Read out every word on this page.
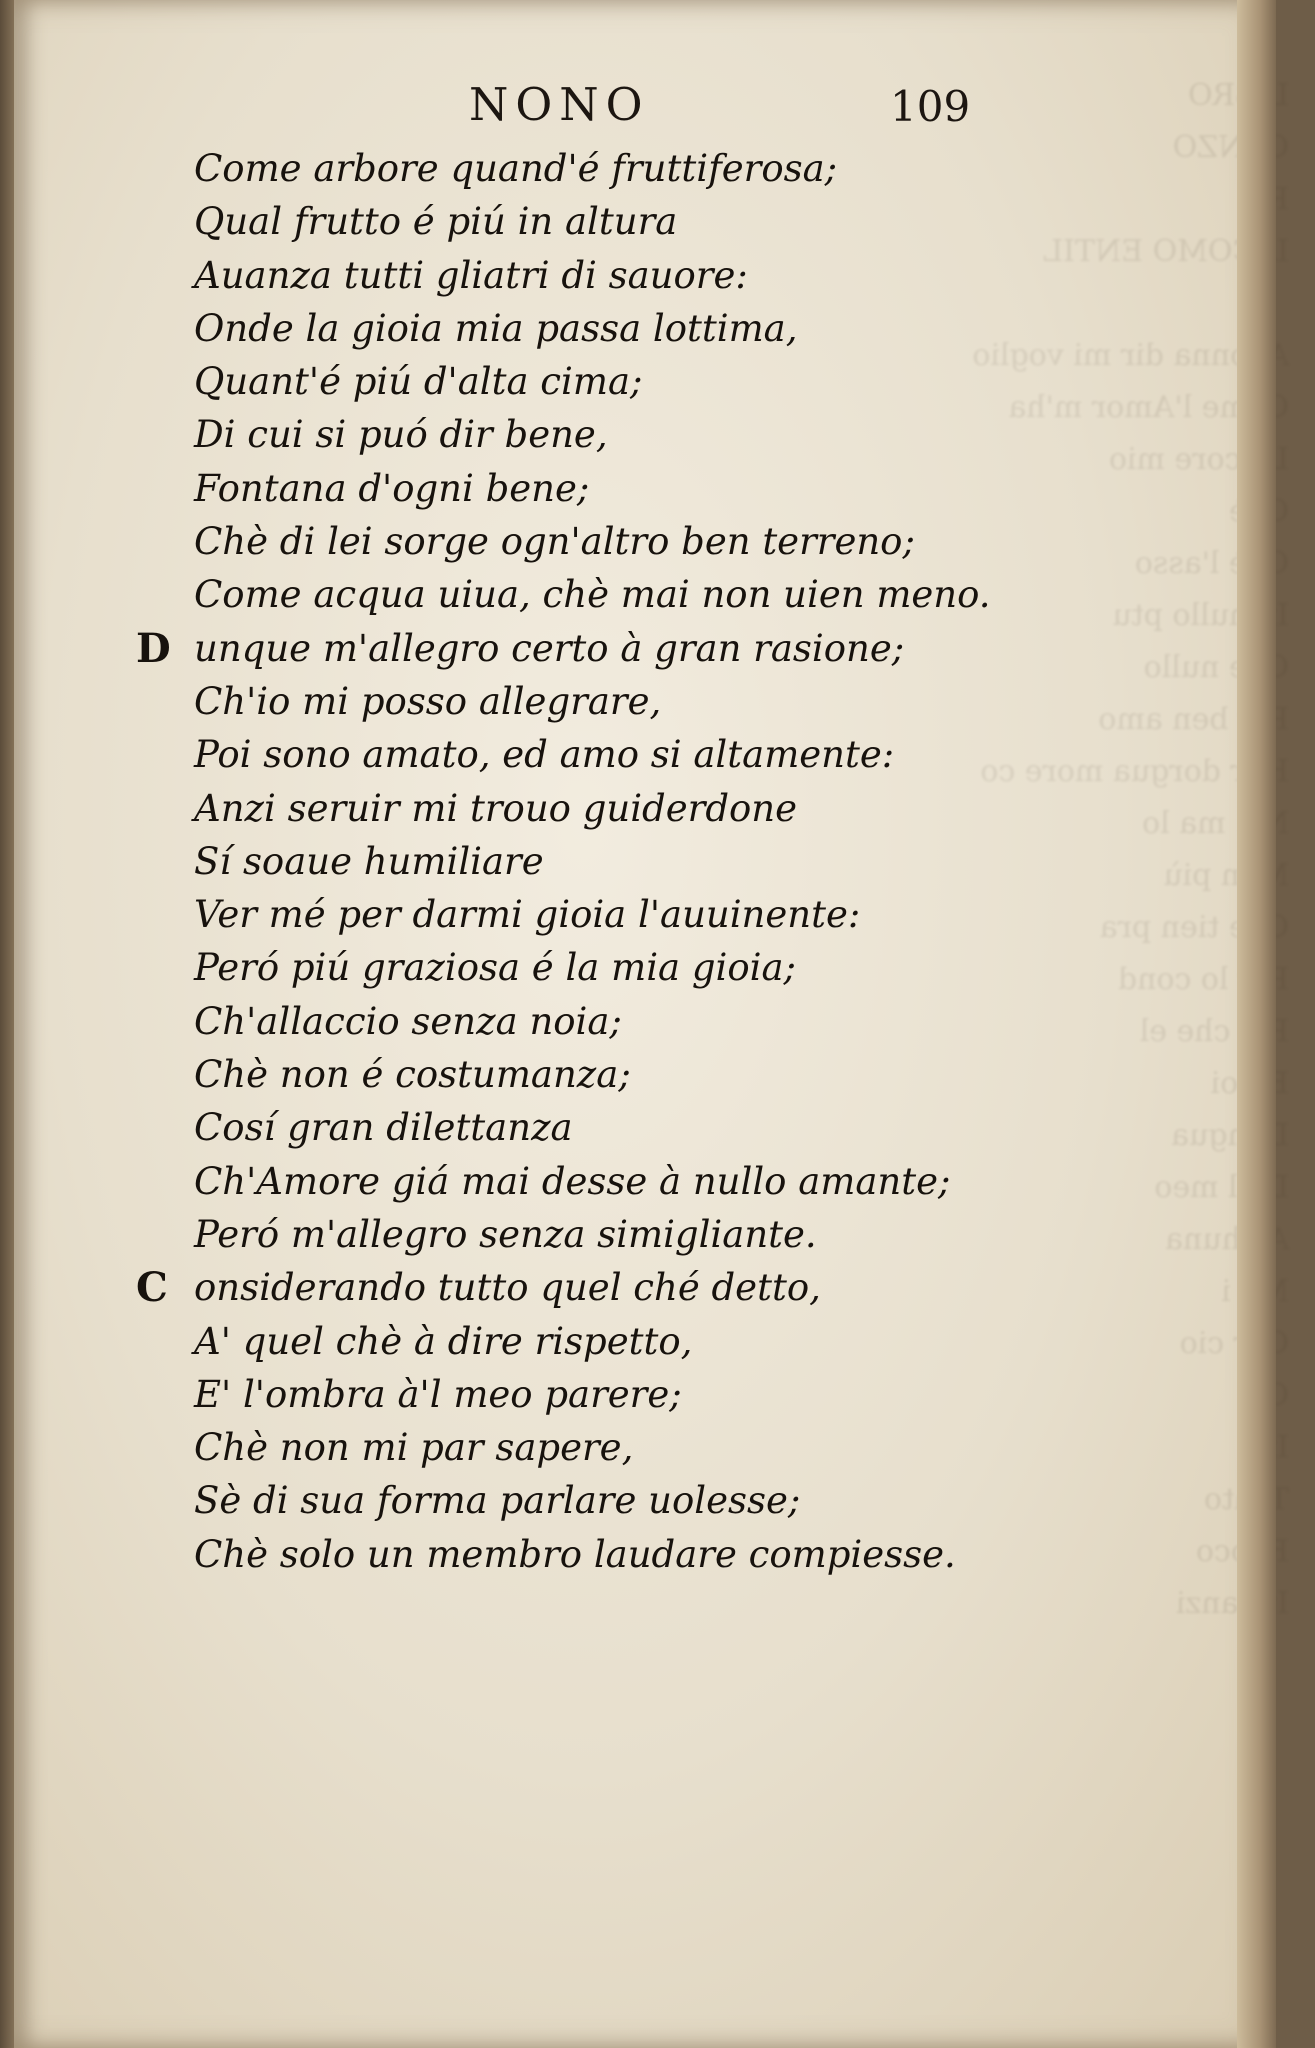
CANZO

IACOMO ENTIL

Adonna dir mi voglio
l'Amor m'ha
core mio

l'asso
nullo ptu
nullo
ben amo
dorgua more co
ma lo
più
tien pra
lo cond
che el
E noi
Dongua
D  meo
Alchuna
i
cio

Innanzi
NONO	109
Come arbore quand'é fruttiferosa;
Qual frutto é piú in altura
Auanza tutti gliatri di sauore:
Onde la gioia mia passa lottima,
Quant'é piú d'alta cima;
Di cui si puó dir bene,
Fontana d'ogni bene;
Chè di lei sorge ogn'altro ben terreno;
Come acqua uiua, chè mai non uien meno.
D unque m'allegro certo à gran rasione;
Ch'io mi posso allegrare,
Poi sono amato, ed amo si altamente:
Anzi seruir mi trouo guiderdone
Sí soaue humiliare
Ver mé per darmi gioia l'auuinente:
Peró piú graziosa é la mia gioia;
Ch'allaccio senza noia;
Chè non é costumanza;
Cosí gran dilettanza
Ch'Amore giá mai desse à nullo amante;
Peró m'allegro senza simigliante.
C onsiderando tutto quel ché detto,
A' quel chè à dire rispetto,
E' l'ombra à'l meo parere;
Chè non mi par sapere,
Sè di sua forma parlare uolesse;
Chè solo un membro laudare compiesse.
